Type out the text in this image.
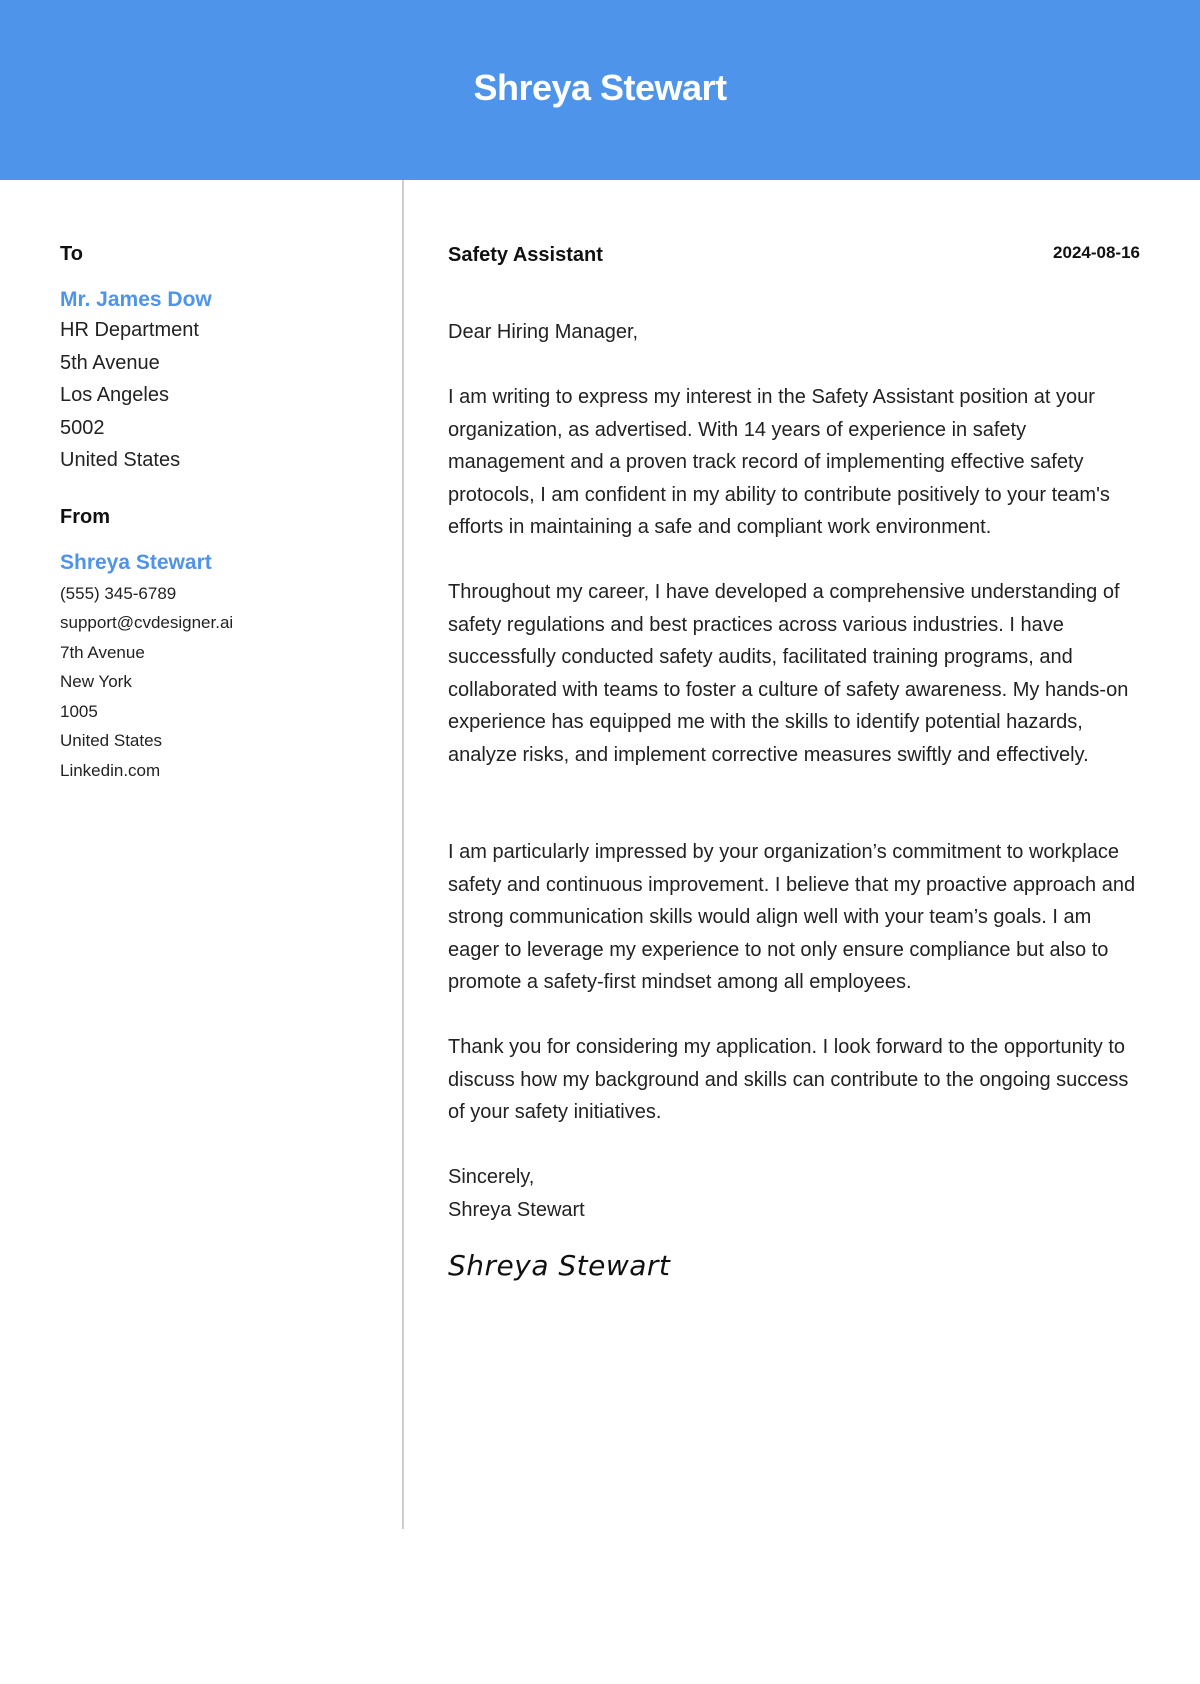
Shreya Stewart
To
Mr. James Dow
HR Department
5th Avenue
Los Angeles
5002
United States
From
Shreya Stewart
(555) 345-6789
support@cvdesigner.ai
7th Avenue
New York
1005
United States
Linkedin.com
Safety Assistant	2024-08-16

Dear Hiring Manager,

I am writing to express my interest in the Safety Assistant position at your organization, as advertised. With 14 years of experience in safety management and a proven track record of implementing effective safety protocols, I am confident in my ability to contribute positively to your team's efforts in maintaining a safe and compliant work environment.

Throughout my career, I have developed a comprehensive understanding of safety regulations and best practices across various industries. I have successfully conducted safety audits, facilitated training programs, and collaborated with teams to foster a culture of safety awareness. My hands-on experience has equipped me with the skills to identify potential hazards, analyze risks, and implement corrective measures swiftly and effectively.

I am particularly impressed by your organization’s commitment to workplace safety and continuous improvement. I believe that my proactive approach and strong communication skills would align well with your team’s goals. I am eager to leverage my experience to not only ensure compliance but also to promote a safety-first mindset among all employees.

Thank you for considering my application. I look forward to the opportunity to discuss how my background and skills can contribute to the ongoing success of your safety initiatives.

Sincerely,

Shreya Stewart

Shreya Stewart
